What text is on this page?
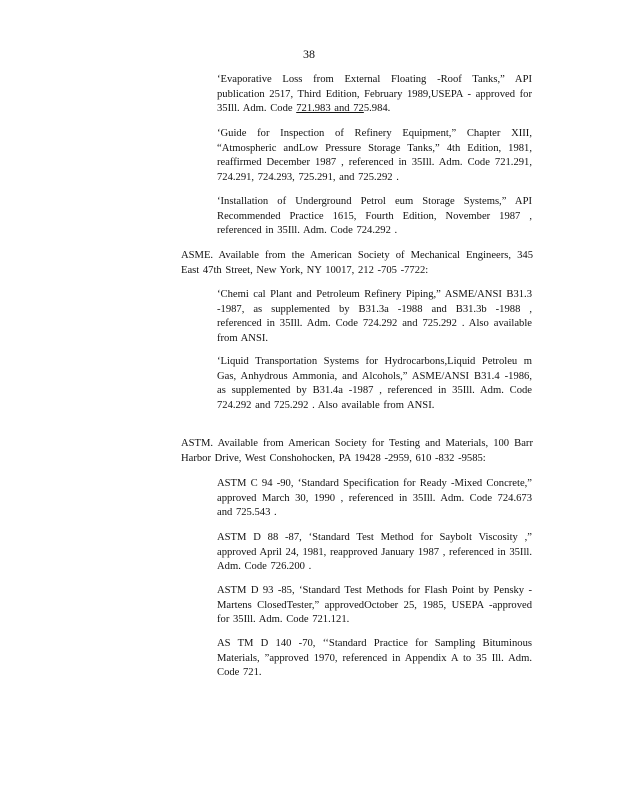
38
‘Evaporative Loss from External Floating -Roof Tanks,” API publication 2517, Third Edition, February 1989,USEPA - approved for 35Ill. Adm. Code 721.983 and 725.984.
‘Guide for Inspection of Refinery Equipment,” Chapter XIII, “Atmospheric andLow Pressure Storage Tanks,” 4th Edition, 1981, reaffirmed December 1987 , referenced in 35Ill. Adm. Code 721.291, 724.291, 724.293, 725.291, and 725.292 .
‘Installation of Underground Petrol eum Storage Systems,” API Recommended Practice 1615, Fourth Edition, November 1987 , referenced in 35Ill. Adm. Code 724.292 .
ASME. Available from the American Society of Mechanical Engineers, 345 East 47th Street, New York, NY 10017, 212 -705 -7722:
‘Chemi cal Plant and Petroleum Refinery Piping,” ASME/ANSI B31.3 -1987, as supplemented by B31.3a -1988 and B31.3b -1988 , referenced in 35Ill. Adm. Code 724.292 and 725.292 . Also available from ANSI.
‘Liquid Transportation Systems for Hydrocarbons,Liquid Petroleu m Gas, Anhydrous Ammonia, and Alcohols,” ASME/ANSI B31.4 -1986, as supplemented by B31.4a -1987 , referenced in 35Ill. Adm. Code 724.292 and 725.292 . Also available from ANSI.
ASTM. Available from American Society for Testing and Materials, 100 Barr Harbor Drive, West Conshohocken, PA 19428 -2959, 610 -832 -9585:
ASTM C 94 -90, ‘Standard Specification for Ready -Mixed Concrete,” approved March 30, 1990 , referenced in 35Ill. Adm. Code 724.673 and 725.543 .
ASTM D 88 -87, ‘Standard Test Method for Saybolt Viscosity ,” approved April 24, 1981, reapproved January 1987 , referenced in 35Ill. Adm. Code 726.200 .
ASTM D 93 -85, ‘Standard Test Methods for Flash Point by Pensky -Martens ClosedTester,” approvedOctober 25, 1985, USEPA -approved for 35Ill. Adm. Code 721.121.
AS TM D 140 -70, ‘‘Standard Practice for Sampling Bituminous Materials, ”approved 1970, referenced in Appendix A to 35 Ill. Adm. Code 721.
